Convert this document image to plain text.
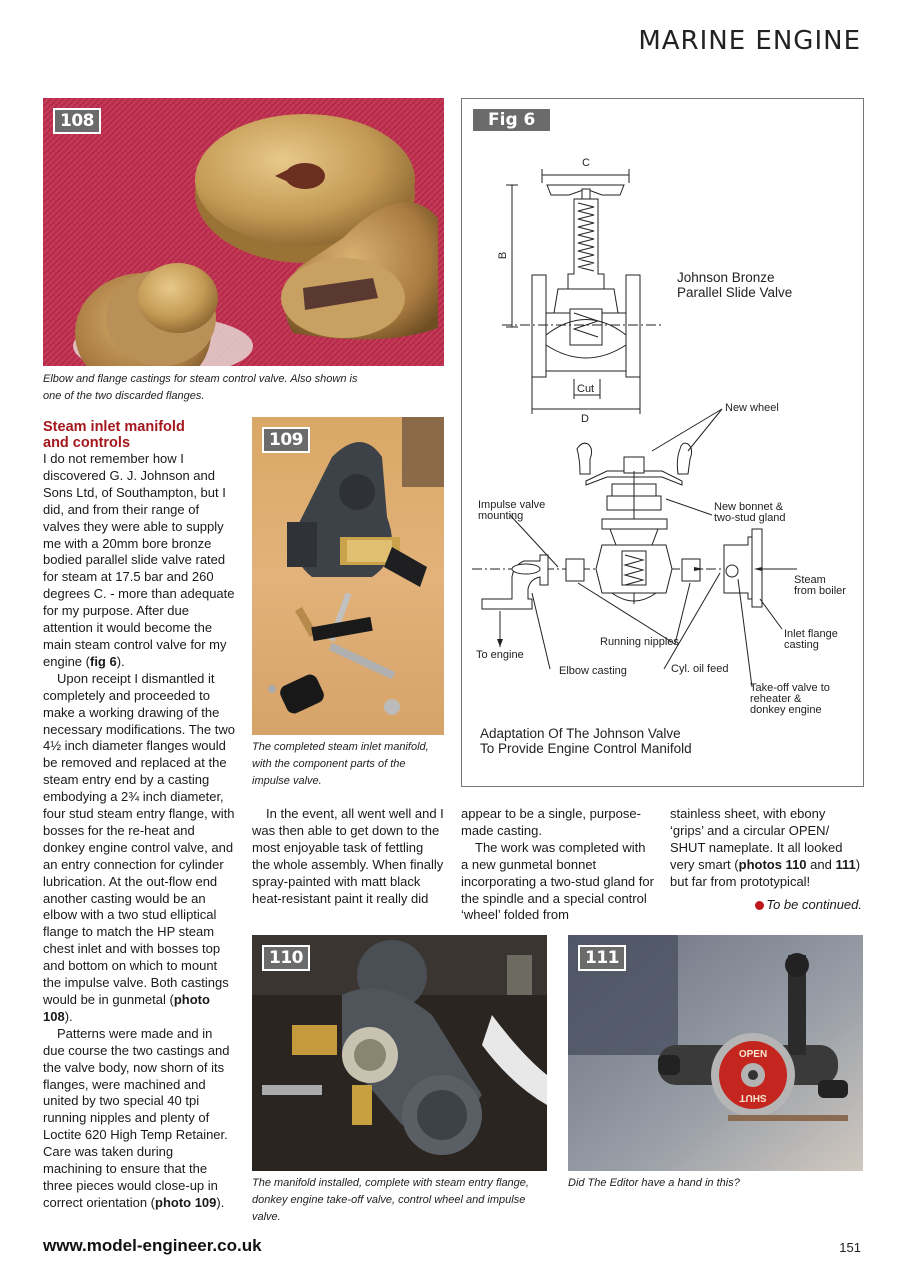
MARINE ENGINE
108
Elbow and flange castings for steam control valve. Also shown is one of the two discarded flanges.
109
The completed steam inlet manifold, with the component parts of the impulse valve.
Fig 6
C
B
Cut
D
Johnson Bronze
Parallel Slide Valve
New wheel
Impulse valve
mounting
New bonnet &
two-stud gland
Steam
from boiler
Inlet flange
casting
Running nipples
To engine
Elbow casting	Cyl. oil feed
Take-off valve to
reheater &
donkey engine
Adaptation Of The Johnson Valve
To Provide Engine Control Manifold
Steam inlet manifold
and controls

I do not remember how I discovered G. J. Johnson and Sons Ltd, of Southampton, but I did, and from their range of valves they were able to supply me with a 20mm bore bronze bodied parallel slide valve rated for steam at 17.5 bar and 260 degrees C. - more than adequate for my purpose. After due attention it would become the main steam control valve for my engine (fig 6).

Upon receipt I dismantled it completely and proceeded to make a working drawing of the necessary modifications. The two 4½ inch diameter flanges would be removed and replaced at the steam entry end by a casting embodying a 2¾ inch diameter, four stud steam entry flange, with bosses for the re-heat and donkey engine control valve, and an entry connection for cylinder lubrication. At the out-flow end another casting would be an elbow with a two stud elliptical flange to match the HP steam chest inlet and with bosses top and bottom on which to mount the impulse valve. Both castings would be in gunmetal (photo 108).

Patterns were made and in due course the two castings and the valve body, now shorn of its flanges, were machined and united by two special 40 tpi running nipples and plenty of Loctite 620 High Temp Retainer. Care was taken during machining to ensure that the three pieces would close-up in correct orientation (photo 109).

In the event, all went well and I was then able to get down to the most enjoyable task of fettling the whole assembly. When finally spray-painted with matt black heat-resistant paint it really did

appear to be a single, purpose-made casting.

The work was completed with a new gunmetal bonnet incorporating a two-stud gland for the spindle and a special control ‘wheel’ folded from

stainless sheet, with ebony ‘grips’ and a circular OPEN/ SHUT nameplate. It all looked very smart (photos 110 and 111) but far from prototypical!

To be continued.

110
The manifold installed, complete with steam entry flange, donkey engine take-off valve, control wheel and impulse valve.
OPEN
SHUT
111
Did The Editor have a hand in this?
www.model-engineer.co.uk	151
